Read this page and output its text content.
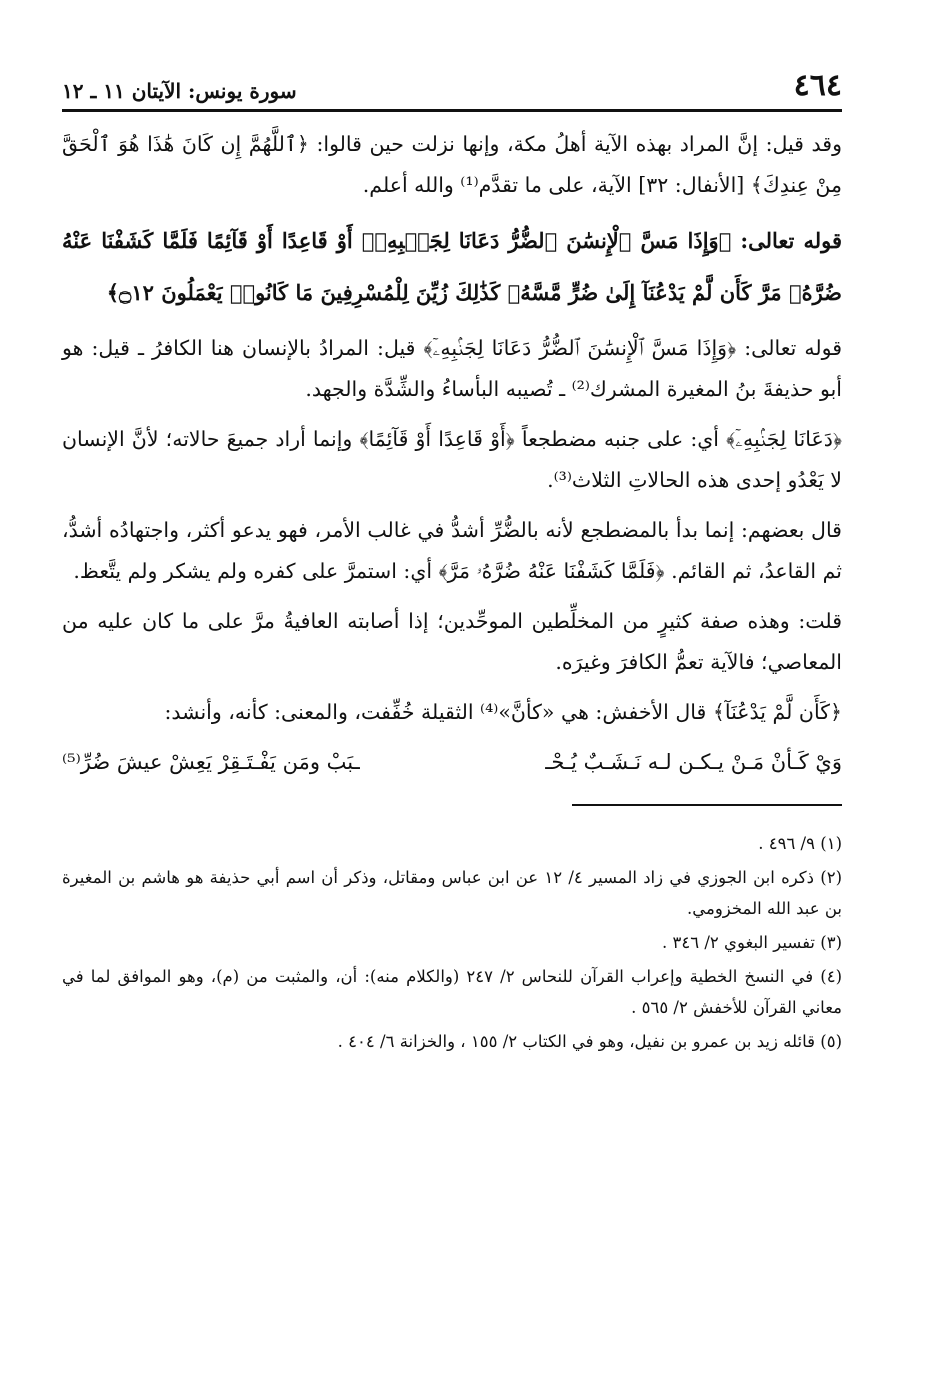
٤٦٤
سورة يونس: الآيتان ١١ ـ ١٢

وقد قيل: إنَّ المراد بهذه الآية أهلُ مكة، وإنها نزلت حين قالوا: ﴿ٱللَّهُمَّ إِن كَانَ هَٰذَا هُوَ ٱلْحَقَّ مِنْ عِندِكَ﴾ [الأنفال: ٣٢] الآية، على ما تقدَّم⁽¹⁾ والله أعلم.

قوله تعالى: ﴿وَإِذَا مَسَّ ٱلْإِنسَٰنَ ٱلضُّرُّ دَعَانَا لِجَنۢبِهِۦٓ أَوْ قَاعِدًا أَوْ قَآئِمًا فَلَمَّا كَشَفْنَا عَنْهُ ضُرَّهُۥ مَرَّ كَأَن لَّمْ يَدْعُنَآ إِلَىٰ ضُرٍّ مَّسَّهُۥ كَذَٰلِكَ زُيِّنَ لِلْمُسْرِفِينَ مَا كَانُوا۟ يَعْمَلُونَ ۝١٢﴾

قوله تعالى: ﴿وَإِذَا مَسَّ ٱلْإِنسَٰنَ ٱلضُّرُّ دَعَانَا لِجَنۢبِهِۦٓ﴾ قيل: المرادُ بالإنسان هنا الكافرُ ـ قيل: هو أبو حذيفةَ بنُ المغيرة المشرك⁽²⁾ ـ تُصيبه البأساءُ والشِّدَّة والجهد.

﴿دَعَانَا لِجَنۢبِهِۦٓ﴾ أي: على جنبه مضطجعاً ﴿أَوْ قَاعِدًا أَوْ قَآئِمًا﴾ وإنما أراد جميعَ حالاته؛ لأنَّ الإنسان لا يَعْدُو إحدى هذه الحالاتِ الثلاث⁽³⁾.

قال بعضهم: إنما بدأ بالمضطجع لأنه بالضُّرِّ أشدُّ في غالب الأمر، فهو يدعو أكثر، واجتهادُه أشدُّ، ثم القاعدُ، ثم القائم. ﴿فَلَمَّا كَشَفْنَا عَنْهُ ضُرَّهُۥ مَرَّ﴾ أي: استمرَّ على كفره ولم يشكر ولم يتَّعظ.

قلت: وهذه صفة كثيرٍ من المخلِّطين الموحِّدين؛ إذا أصابته العافيةُ مرَّ على ما كان عليه من المعاصي؛ فالآية تعمُّ الكافرَ وغيرَه.

﴿كَأَن لَّمْ يَدْعُنَآ﴾ قال الأخفش: هي «كأنَّ»⁽⁴⁾ الثقيلة خُفِّفت، والمعنى: كأنه، وأنشد:

وَيْ كَـأنْ مَـنْ يـكـن لـه نَـشَـبٌ يُـحْـ
ـبَبْ ومَن يَفْـتَـقِرْ يَعِشْ عيشَ ضُرِّ⁽⁵⁾
(١) ٩/ ٤٩٦ .
(٢) ذكره ابن الجوزي في زاد المسير ٤/ ١٢ عن ابن عباس ومقاتل، وذكر أن اسم أبي حذيفة هو هاشم بن المغيرة بن عبد الله المخزومي.
(٣) تفسير البغوي ٢/ ٣٤٦ .
(٤) في النسخ الخطية وإعراب القرآن للنحاس ٢/ ٢٤٧ (والكلام منه): أن، والمثبت من (م)، وهو الموافق لما في معاني القرآن للأخفش ٢/ ٥٦٥ .
(٥) قائله زيد بن عمرو بن نفيل، وهو في الكتاب ٢/ ١٥٥ ، والخزانة ٦/ ٤٠٤ .
